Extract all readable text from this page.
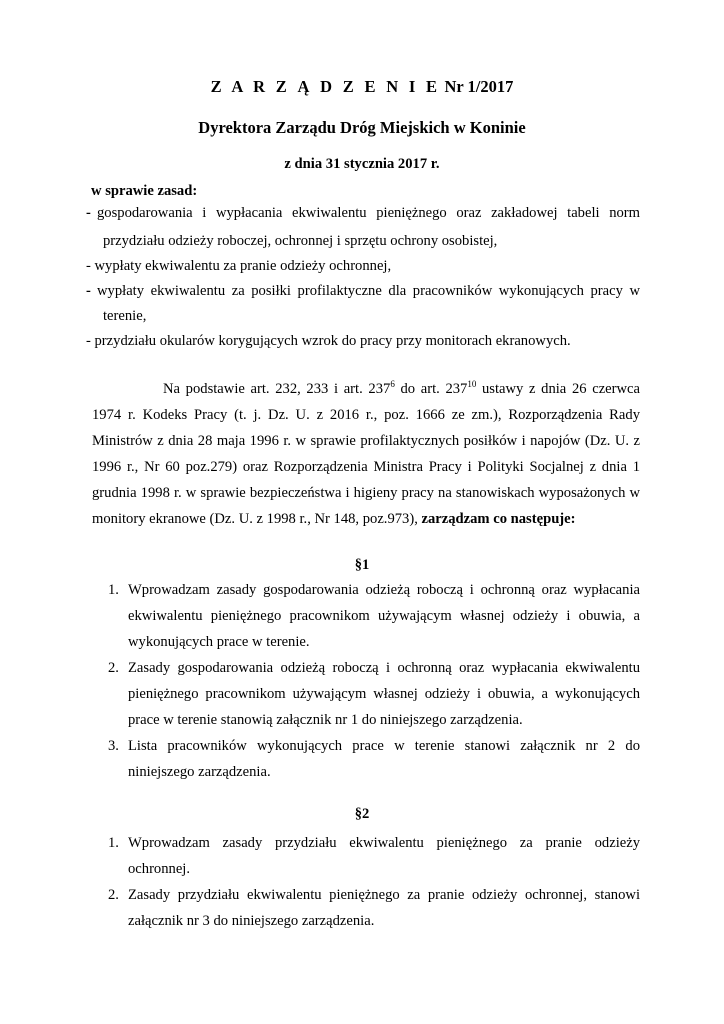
Z A R Z Ą D Z E N I E Nr 1/2017
Dyrektora Zarządu Dróg Miejskich w Koninie
z dnia 31 stycznia 2017 r.
w sprawie zasad:
- gospodarowania i wypłacania ekwiwalentu pieniężnego oraz zakładowej tabeli norm
przydziału odzieży roboczej, ochronnej i sprzętu ochrony osobistej,
- wypłaty ekwiwalentu za pranie odzieży ochronnej,
- wypłaty ekwiwalentu za posiłki profilaktyczne dla pracowników wykonujących pracy w
terenie,
- przydziału okularów korygujących wzrok do pracy przy monitorach ekranowych.
Na podstawie art. 232, 233 i art. $237^6$ do art. $237^{10}$ ustawy z dnia 26 czerwca
1974 r. Kodeks Pracy (t. j. Dz. U. z 2016 r., poz. 1666 ze zm.), Rozporządzenia Rady
Ministrów z dnia 28 maja 1996 r. w sprawie profilaktycznych posiłków i napojów (Dz. U. z
1996 r., Nr 60 poz.279) oraz Rozporządzenia Ministra Pracy i Polityki Socjalnej z dnia 1
grudnia 1998 r. w sprawie bezpieczeństwa i higieny pracy na stanowiskach wyposażonych w
monitory ekranowe (Dz. U. z 1998 r., Nr 148, poz.973), zarządzam co następuje:
§1
1. Wprowadzam zasady gospodarowania odzieżą roboczą i ochronną oraz wypłacania
ekwiwalentu pieniężnego pracownikom używającym własnej odzieży i obuwia, a
wykonujących prace w terenie.
2. Zasady gospodarowania odzieżą roboczą i ochronną oraz wypłacania ekwiwalentu
pieniężnego pracownikom używającym własnej odzieży i obuwia, a wykonujących
prace w terenie stanowią załącznik nr 1 do niniejszego zarządzenia.
3. Lista pracowników wykonujących prace w terenie stanowi załącznik nr 2 do
niniejszego zarządzenia.
§2
1. Wprowadzam zasady przydziału ekwiwalentu pieniężnego za pranie odzieży
ochronnej.
2. Zasady przydziału ekwiwalentu pieniężnego za pranie odzieży ochronnej, stanowi
załącznik nr 3 do niniejszego zarządzenia.
